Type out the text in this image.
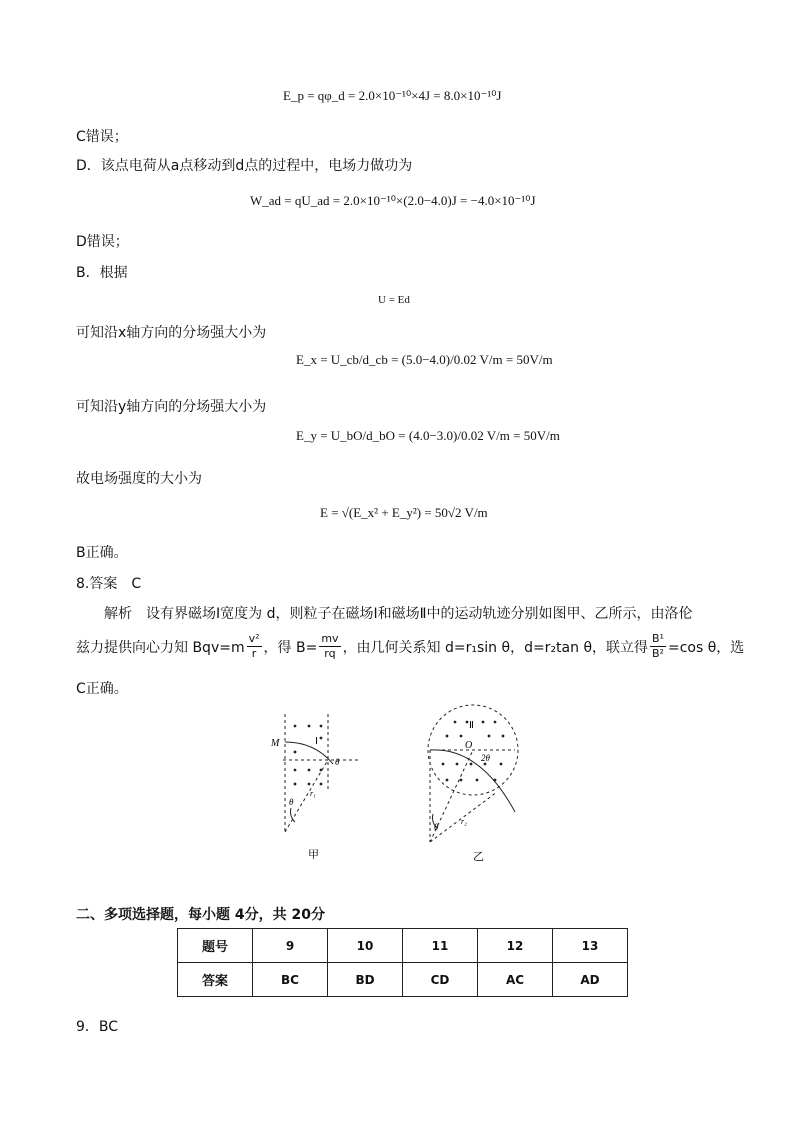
E_p = qφ_d = 2.0×10⁻¹⁰×4J = 8.0×10⁻¹⁰J
C错误；
D．该点电荷从a点移动到d点的过程中，电场力做功为
W_ad = qU_ad = 2.0×10⁻¹⁰×(2.0−4.0)J = −4.0×10⁻¹⁰J
D错误；
B．根据
U = Ed
可知沿x轴方向的分场强大小为
E_x = U_cb/d_cb = (5.0−4.0)/0.02 V/m = 50V/m
可知沿y轴方向的分场强大小为
E_y = U_bO/d_bO = (4.0−3.0)/0.02 V/m = 50V/m
故电场强度的大小为
E = √(E_x² + E_y²) = 50√2 V/m
B正确。
8.答案　C
解析　设有界磁场Ⅰ宽度为 d，则粒子在磁场Ⅰ和磁场Ⅱ中的运动轨迹分别如图甲、乙所示，由洛伦
兹力提供向心力知 $Bqv=m \frac{\text{v²}}{r}$ ，得 $B= \frac{mv}{rq}$ ，由几何关系知 d=r₁sin θ，d=r₂tan θ，联立得 $\frac{\text{B¹}}{\text{B²}} =\cos$ θ，选
C正确。
M	Ⅰ
θ
θ
r₁
甲
Ⅱ
O
2θ
θ
r₂
乙
二、多项选择题，每小题 4分，共 20分
题号	9	10	11	12	13
答案	BC	BD	CD	AC	AD
9．BC
